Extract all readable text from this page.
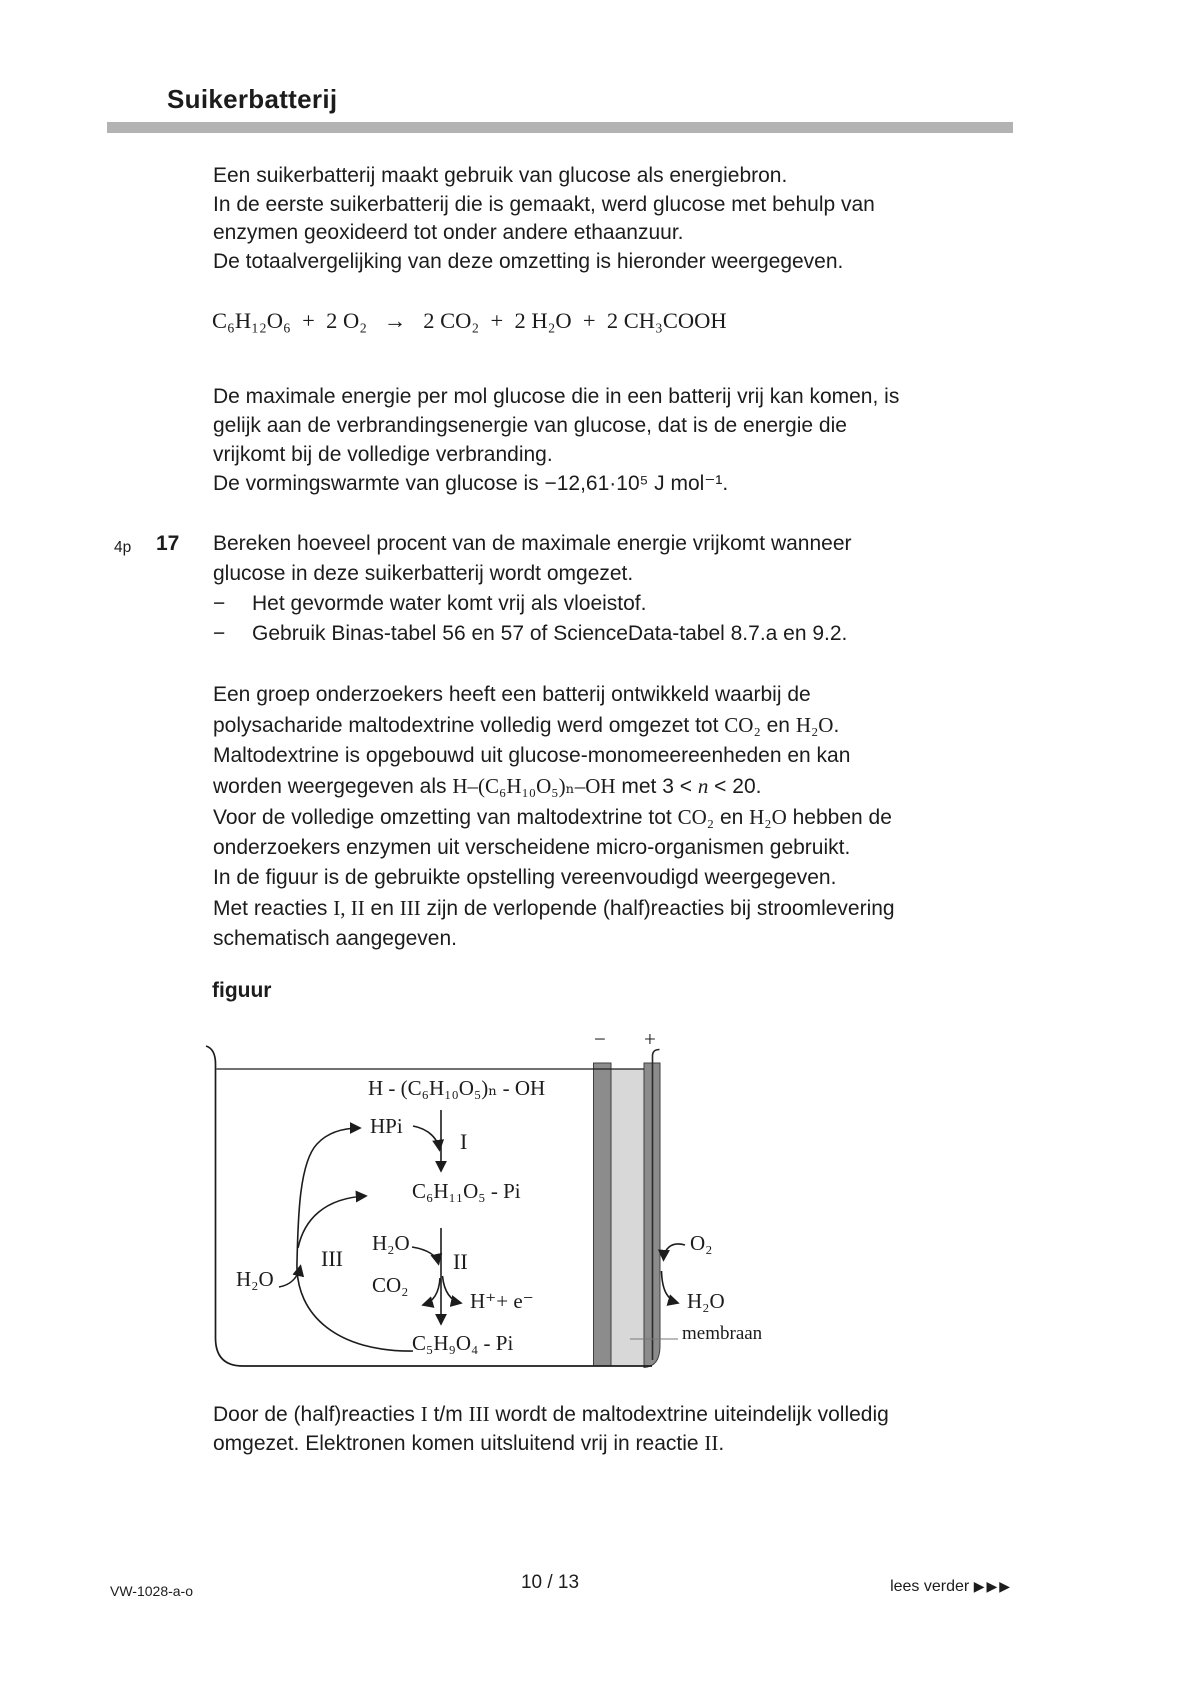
Suikerbatterij
Een suikerbatterij maakt gebruik van glucose als energiebron.
In de eerste suikerbatterij die is gemaakt, werd glucose met behulp van
enzymen geoxideerd tot onder andere ethaanzuur.
De totaalvergelijking van deze omzetting is hieronder weergegeven.
C₆H₁₂O₆  +  2 O₂   →   2 CO₂  +  2 H₂O  +  2 CH₃COOH
De maximale energie per mol glucose die in een batterij vrij kan komen, is
gelijk aan de verbrandingsenergie van glucose, dat is de energie die
vrijkomt bij de volledige verbranding.
De vormingswarmte van glucose is −12,61·10⁵ J mol⁻¹.
4p 17 Bereken hoeveel procent van de maximale energie vrijkomt wanneer
glucose in deze suikerbatterij wordt omgezet.
− Het gevormde water komt vrij als vloeistof.
− Gebruik Binas-tabel 56 en 57 of ScienceData-tabel 8.7.a en 9.2.
Een groep onderzoekers heeft een batterij ontwikkeld waarbij de
polysacharide maltodextrine volledig werd omgezet tot CO₂ en H₂O.
Maltodextrine is opgebouwd uit glucose-monomeereenheden en kan
worden weergegeven als H–(C₆H₁₀O₅)ₙ–OH met 3 < n < 20.
Voor de volledige omzetting van maltodextrine tot CO₂ en H₂O hebben de
onderzoekers enzymen uit verscheidene micro-organismen gebruikt.
In de figuur is de gebruikte opstelling vereenvoudigd weergegeven.
Met reacties I, II en III zijn de verlopende (half)reacties bij stroomlevering
schematisch aangegeven.
figuur
− +
H - (C₆H₁₀O₅)ₙ - OH
HPi
I
C₆H₁₁O₅ - Pi
H₂O
II
CO₂
H⁺+ e⁻
C₅H₉O₄ - Pi
III
H₂O
O₂
H₂O
membraan
Door de (half)reacties I t/m III wordt de maltodextrine uiteindelijk volledig
omgezet. Elektronen komen uitsluitend vrij in reactie II.
VW-1028-a-o	10 / 13	lees verder ▶▶▶
